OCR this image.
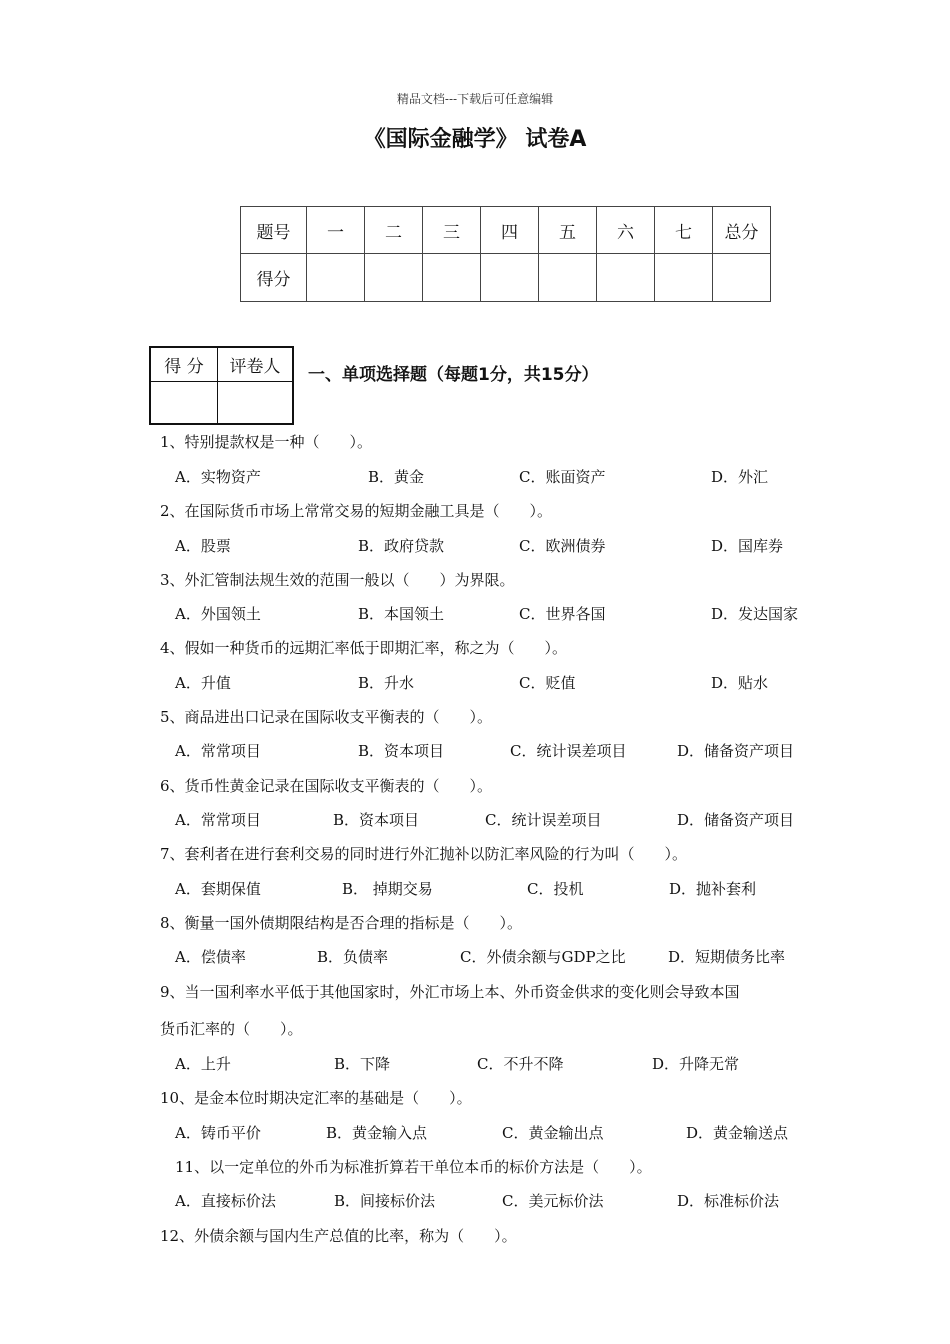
精品文档---下载后可任意编辑
《国际金融学》 试卷A
题号	一	二	三	四	五	六	七	总分
得分								
得 分	评卷人
	一、单项选择题（每题1分，共15分）
1、特别提款权是一种（　　）。
A．实物资产	B．黄金	C．账面资产	D．外汇
2、在国际货币市场上常常交易的短期金融工具是（　　）。
A．股票	B．政府贷款	C．欧洲债券	D．国库券
3、外汇管制法规生效的范围一般以（　　）为界限。
A．外国领土	B．本国领土	C．世界各国	D．发达国家
4、假如一种货币的远期汇率低于即期汇率，称之为（　　）。
A．升值	B．升水	C．贬值	D．贴水
5、商品进出口记录在国际收支平衡表的（　　）。
A．常常项目	B．资本项目	C．统计误差项目	D．储备资产项目
6、货币性黄金记录在国际收支平衡表的（　　）。
A．常常项目	B．资本项目	C．统计误差项目	D．储备资产项目
7、套利者在进行套利交易的同时进行外汇抛补以防汇率风险的行为叫（　　）。
A．套期保值	B． 掉期交易	C．投机	D．抛补套利
8、衡量一国外债期限结构是否合理的指标是（　　）。
A．偿债率	B．负债率	C．外债余额与GDP之比	D．短期债务比率
9、当一国利率水平低于其他国家时，外汇市场上本、外币资金供求的变化则会导致本国
货币汇率的（　　）。
A．上升	B．下降	C．不升不降	D．升降无常
10、是金本位时期决定汇率的基础是（　　）。
A．铸币平价	B．黄金输入点	C．黄金输出点	D．黄金输送点
11、以一定单位的外币为标准折算若干单位本币的标价方法是（　　）。
A．直接标价法	B．间接标价法	C．美元标价法	D．标准标价法
12、外债余额与国内生产总值的比率，称为（　　）。
